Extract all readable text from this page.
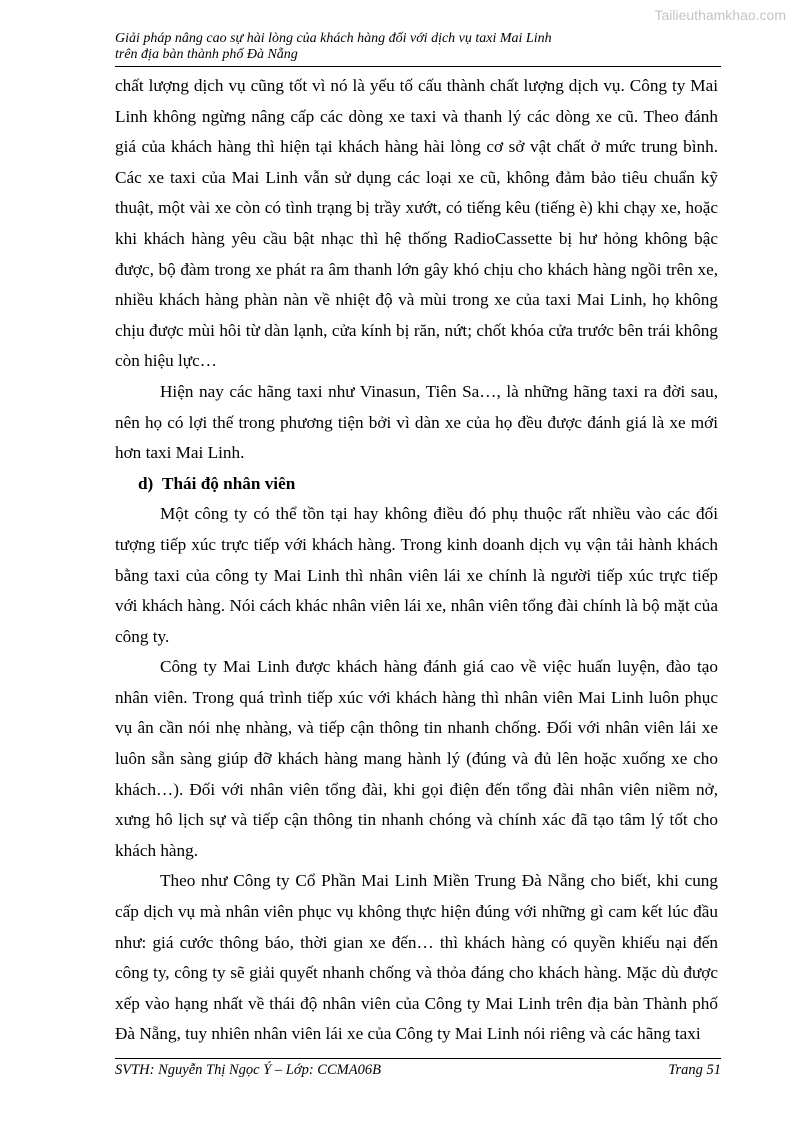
Tailieuthamkhao.com
Giải pháp nâng cao sự hài lòng của khách hàng đối với dịch vụ taxi Mai Linh
trên địa bàn thành phố Đà Nẵng

chất lượng dịch vụ cũng tốt vì nó là yếu tố cấu thành chất lượng dịch vụ. Công ty Mai Linh không ngừng nâng cấp các dòng xe taxi và thanh lý các dòng xe cũ. Theo đánh giá của khách hàng thì hiện tại khách hàng hài lòng cơ sở vật chất ở mức trung bình. Các xe taxi của Mai Linh vẫn sử dụng các loại xe cũ, không đảm bảo tiêu chuẩn kỹ thuật, một vài xe còn có tình trạng bị trầy xướt, có tiếng kêu (tiếng è) khi chạy xe, hoặc khi khách hàng yêu cầu bật nhạc thì hệ thống RadioCassette bị hư hỏng không bậc được, bộ đàm trong xe phát ra âm thanh lớn gây khó chịu cho khách hàng ngồi trên xe, nhiều khách hàng phàn nàn về nhiệt độ và mùi trong xe của taxi Mai Linh, họ không chịu được mùi hôi từ dàn lạnh, cửa kính bị răn, nứt; chốt khóa cửa trước bên trái không còn hiệu lực…

Hiện nay các hãng taxi như Vinasun, Tiên Sa…, là những hãng taxi ra đời sau, nên họ có lợi thế trong phương tiện bởi vì dàn xe của họ đều được đánh giá là xe mới hơn taxi Mai Linh.

d) Thái độ nhân viên

Một công ty có thể tồn tại hay không điều đó phụ thuộc rất nhiều vào các đối tượng tiếp xúc trực tiếp với khách hàng. Trong kinh doanh dịch vụ vận tải hành khách bằng taxi của công ty Mai Linh thì nhân viên lái xe chính là người tiếp xúc trực tiếp với khách hàng. Nói cách khác nhân viên lái xe, nhân viên tổng đài chính là bộ mặt của công ty.

Công ty Mai Linh được khách hàng đánh giá cao về việc huấn luyện, đào tạo nhân viên. Trong quá trình tiếp xúc với khách hàng thì nhân viên Mai Linh luôn phục vụ ân cần nói nhẹ nhàng, và tiếp cận thông tin nhanh chống. Đối với nhân viên lái xe luôn sẵn sàng giúp đỡ khách hàng mang hành lý (đúng và đủ lên hoặc xuống xe cho khách…). Đối với nhân viên tổng đài, khi gọi điện đến tổng đài nhân viên niềm nở, xưng hô lịch sự và tiếp cận thông tin nhanh chóng và chính xác đã tạo tâm lý tốt cho khách hàng.

Theo như Công ty Cổ Phần Mai Linh Miền Trung Đà Nẵng cho biết, khi cung cấp dịch vụ mà nhân viên phục vụ không thực hiện đúng với những gì cam kết lúc đầu như: giá cước thông báo, thời gian xe đến… thì khách hàng có quyền khiếu nại đến công ty, công ty sẽ giải quyết nhanh chống và thỏa đáng cho khách hàng. Mặc dù được xếp vào hạng nhất về thái độ nhân viên của Công ty Mai Linh trên địa bàn Thành phố Đà Nẵng, tuy nhiên nhân viên lái xe của Công ty Mai Linh nói riêng và các hãng taxi

SVTH: Nguyễn Thị Ngọc Ý – Lớp: CCMA06B	Trang 51
